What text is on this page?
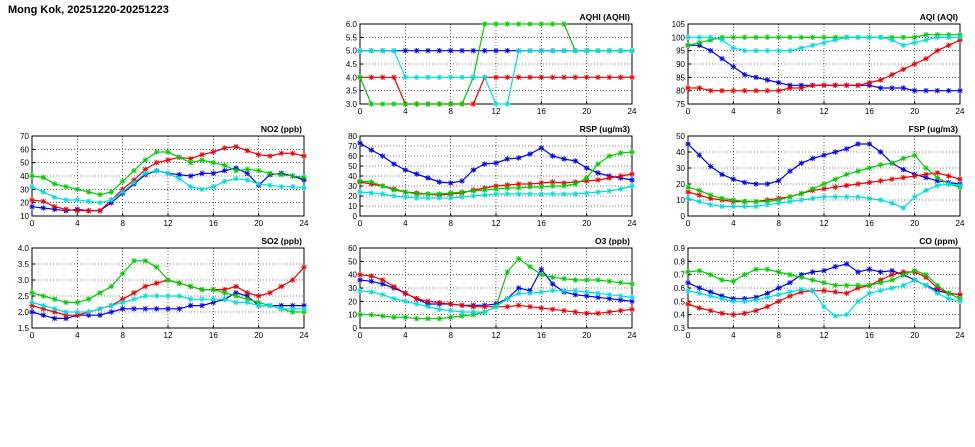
Mong Kok, 20251220-20251223
0	4	8	12	16	20	24
3.0
3.5
4.0
4.5
5.0
5.5
6.0
AQHI (AQHI)
0	4	8	12	16	20	24
75
80
85
90
95
100
105
AQI (AQI)
0	4	8	12	16	20	24
10
20
30
40
50
60
70
NO2 (ppb)
0	4	8	12	16	20	24
0
10
20
30
40
50
60
70
80
RSP (ug/m3)
0	4	8	12	16	20	24
0
10
20
30
40
50
FSP (ug/m3)
0	4	8	12	16	20	24
1.5
2.0
2.5
3.0
3.5
4.0
SO2 (ppb)
0	4	8	12	16	20	24
0
10
20
30
40
50
60
O3 (ppb)
0	4	8	12	16	20	24
0.3
0.4
0.5
0.6
0.7
0.8
0.9
CO (ppm)
